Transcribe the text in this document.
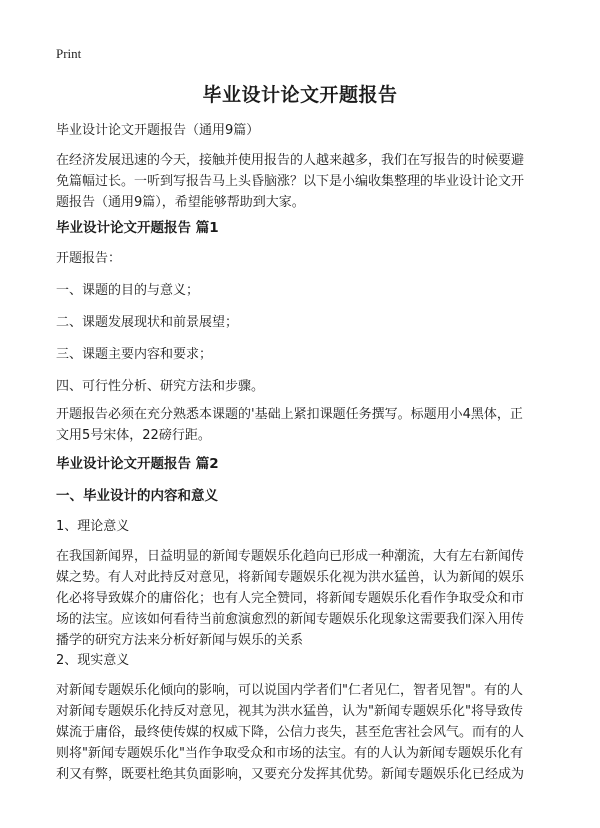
Print
毕业设计论文开题报告

毕业设计论文开题报告（通用9篇）

在经济发展迅速的今天，接触并使用报告的人越来越多，我们在写报告的时候要避
免篇幅过长。一听到写报告马上头昏脑涨？以下是小编收集整理的毕业设计论文开
题报告（通用9篇），希望能够帮助到大家。

毕业设计论文开题报告 篇1

开题报告：

一、课题的目的与意义；

二、课题发展现状和前景展望；

三、课题主要内容和要求；

四、可行性分析、研究方法和步骤。

开题报告必须在充分熟悉本课题的'基础上紧扣课题任务撰写。标题用小4黑体，正
文用5号宋体，22磅行距。

毕业设计论文开题报告 篇2

一、毕业设计的内容和意义

1、理论意义

在我国新闻界，日益明显的新闻专题娱乐化趋向已形成一种潮流，大有左右新闻传
媒之势。有人对此持反对意见，将新闻专题娱乐化视为洪水猛兽，认为新闻的娱乐
化必将导致媒介的庸俗化；也有人完全赞同，将新闻专题娱乐化看作争取受众和市
场的法宝。应该如何看待当前愈演愈烈的新闻专题娱乐化现象这需要我们深入用传
播学的研究方法来分析好新闻与娱乐的关系

2、现实意义

对新闻专题娱乐化倾向的影响，可以说国内学者们"仁者见仁，智者见智"。有的人
对新闻专题娱乐化持反对意见，视其为洪水猛兽，认为"新闻专题娱乐化"将导致传
媒流于庸俗，最终使传媒的权威下降，公信力丧失，甚至危害社会风气。而有的人
则将"新闻专题娱乐化"当作争取受众和市场的法宝。有的人认为新闻专题娱乐化有
利又有弊，既要杜绝其负面影响，又要充分发挥其优势。新闻专题娱乐化已经成为
